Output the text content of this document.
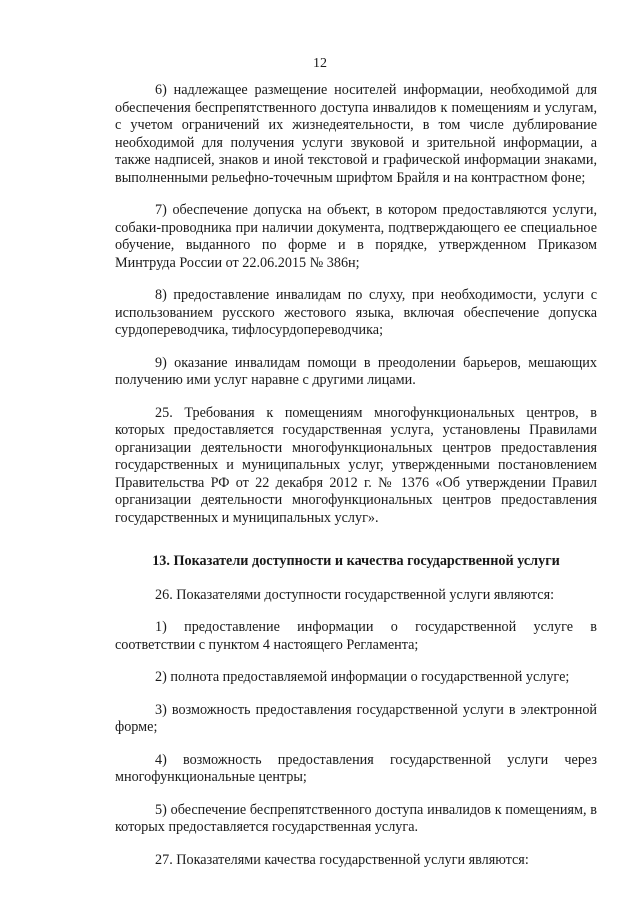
12

6) надлежащее размещение носителей информации, необходимой для обеспечения беспрепятственного доступа инвалидов к помещениям и услугам, с учетом ограничений их жизнедеятельности, в том числе дублирование необходимой для получения услуги звуковой и зрительной информации, а также надписей, знаков и иной текстовой и графической информации знаками, выполненными рельефно-точечным шрифтом Брайля и на контрастном фоне;

7) обеспечение допуска на объект, в котором предоставляются услуги, собаки-проводника при наличии документа, подтверждающего ее специальное обучение, выданного по форме и в порядке, утвержденном Приказом Минтруда России от 22.06.2015 № 386н;

8) предоставление инвалидам по слуху, при необходимости, услуги с использованием русского жестового языка, включая обеспечение допуска сурдопереводчика, тифлосурдопереводчика;

9) оказание инвалидам помощи в преодолении барьеров, мешающих получению ими услуг наравне с другими лицами.

25. Требования к помещениям многофункциональных центров, в которых предоставляется государственная услуга, установлены Правилами организации деятельности многофункциональных центров предоставления государственных и муниципальных услуг, утвержденными постановлением Правительства РФ от 22 декабря 2012 г. № 1376 «Об утверждении Правил организации деятельности многофункциональных центров предоставления государственных и муниципальных услуг».

13. Показатели доступности и качества государственной услуги

26. Показателями доступности государственной услуги являются:

1) предоставление информации о государственной услуге в соответствии с пунктом 4 настоящего Регламента;

2) полнота предоставляемой информации о государственной услуге;

3) возможность предоставления государственной услуги в электронной форме;

4) возможность предоставления государственной услуги через многофункциональные центры;

5) обеспечение беспрепятственного доступа инвалидов к помещениям, в которых предоставляется государственная услуга.

27. Показателями качества государственной услуги являются:
